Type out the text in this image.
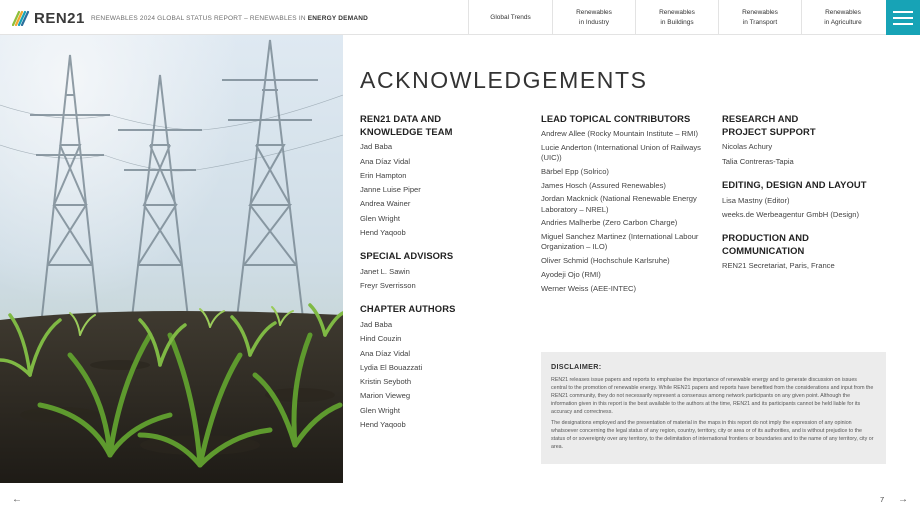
REN21 RENEWABLES 2024 GLOBAL STATUS REPORT – RENEWABLES IN ENERGY DEMAND	Global Trends
Renewables
in Industry
Renewables
in Buildings
Renewables
in Transport
Renewables
in Agriculture
ACKNOWLEDGEMENTS
REN21 DATA AND
KNOWLEDGE TEAM
Jad Baba
Ana Díaz Vidal
Erin Hampton
Janne Luise Piper
Andrea Wainer
Glen Wright
Hend Yaqoob
SPECIAL ADVISORS
Janet L. Sawin
Freyr Sverrisson
CHAPTER AUTHORS
Jad Baba
Hind Couzin
Ana Díaz Vidal
Lydia El Bouazzati
Kristin Seyboth
Marion Vieweg
Glen Wright
Hend Yaqoob
LEAD TOPICAL CONTRIBUTORS
Andrew Allee (Rocky Mountain Institute – RMI)
Lucie Anderton (International Union of Railways (UIC))
Bärbel Epp (Solrico)
James Hosch (Assured Renewables)
Jordan Macknick (National Renewable Energy Laboratory – NREL)
Andries Malherbe (Zero Carbon Charge)
Miguel Sanchez Martinez (International Labour Organization – ILO)
Oliver Schmid (Hochschule Karlsruhe)
Ayodeji Ojo (RMI)
Werner Weiss (AEE-INTEC)
RESEARCH AND
PROJECT SUPPORT
Nicolas Achury
Talia Contreras-Tapia
EDITING, DESIGN AND LAYOUT
Lisa Mastny (Editor)
weeks.de Werbeagentur GmbH (Design)
PRODUCTION AND
COMMUNICATION
REN21 Secretariat, Paris, France
DISCLAIMER:

REN21 releases issue papers and reports to emphasise the importance of renewable energy and to generate discussion on issues central to the promotion of renewable energy. While REN21 papers and reports have benefited from the considerations and input from the REN21 community, they do not necessarily represent a consensus among network participants on any given point. Although the information given in this report is the best available to the authors at the time, REN21 and its participants cannot be held liable for its accuracy and correctness.

The designations employed and the presentation of material in the maps in this report do not imply the expression of any opinion whatsoever concerning the legal status of any region, country, territory, city or area or of its authorities, and is without prejudice to the status of or sovereignty over any territory, to the delimitation of international frontiers or boundaries and to the name of any territory, city or area.

←	7 →
